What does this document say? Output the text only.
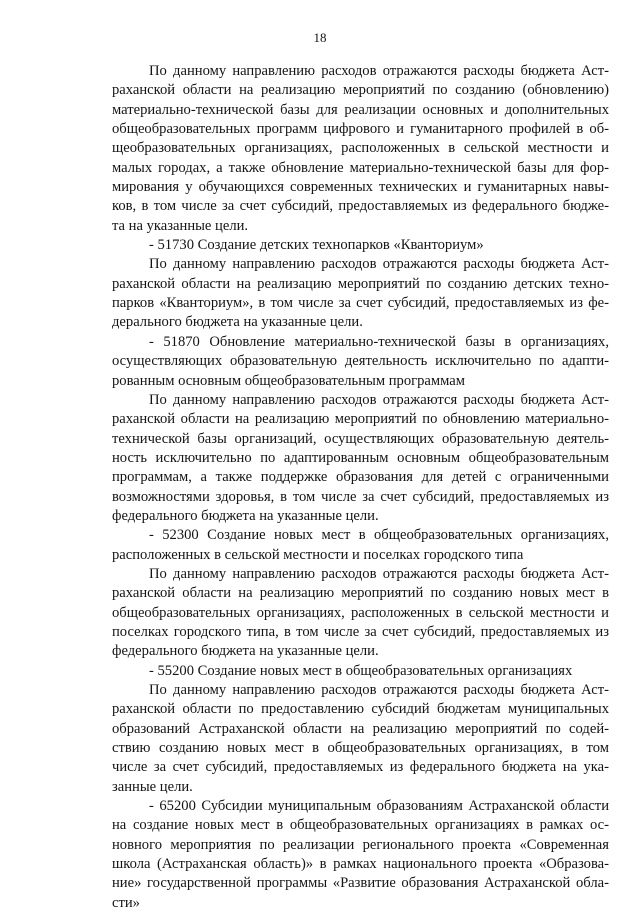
18
По данному направлению расходов отражаются расходы бюджета Аст-
раханской области на реализацию мероприятий по созданию (обновлению)
материально-технической базы для реализации основных и дополнительных
общеобразовательных программ цифрового и гуманитарного профилей в об-
щеобразовательных организациях, расположенных в сельской местности и
малых городах, а также обновление материально-технической базы для фор-
мирования у обучающихся современных технических и гуманитарных навы-
ков, в том числе за счет субсидий, предоставляемых из федерального бюдже-
та на указанные цели.
- 51730 Создание детских технопарков «Кванториум»
По данному направлению расходов отражаются расходы бюджета Аст-
раханской области на реализацию мероприятий по созданию детских техно-
парков «Кванториум», в том числе за счет субсидий, предоставляемых из фе-
дерального бюджета на указанные цели.
- 51870 Обновление материально-технической базы в организациях,
осуществляющих образовательную деятельность исключительно по адапти-
рованным основным общеобразовательным программам
По данному направлению расходов отражаются расходы бюджета Аст-
раханской области на реализацию мероприятий по обновлению материально-
технической базы организаций, осуществляющих образовательную деятель-
ность исключительно по адаптированным основным общеобразовательным
программам, а также поддержке образования для детей с ограниченными
возможностями здоровья, в том числе за счет субсидий, предоставляемых из
федерального бюджета на указанные цели.
- 52300 Создание новых мест в общеобразовательных организациях,
расположенных в сельской местности и поселках городского типа
По данному направлению расходов отражаются расходы бюджета Аст-
раханской области на реализацию мероприятий по созданию новых мест в
общеобразовательных организациях, расположенных в сельской местности и
поселках городского типа, в том числе за счет субсидий, предоставляемых из
федерального бюджета на указанные цели.
- 55200 Создание новых мест в общеобразовательных организациях
По данному направлению расходов отражаются расходы бюджета Аст-
раханской области по предоставлению субсидий бюджетам муниципальных
образований Астраханской области на реализацию мероприятий по содей-
ствию созданию новых мест в общеобразовательных организациях, в том
числе за счет субсидий, предоставляемых из федерального бюджета на ука-
занные цели.
- 65200 Субсидии муниципальным образованиям Астраханской области
на создание новых мест в общеобразовательных организациях в рамках ос-
новного мероприятия по реализации регионального проекта «Современная
школа (Астраханская область)» в рамках национального проекта «Образова-
ние» государственной программы «Развитие образования Астраханской обла-
сти»
